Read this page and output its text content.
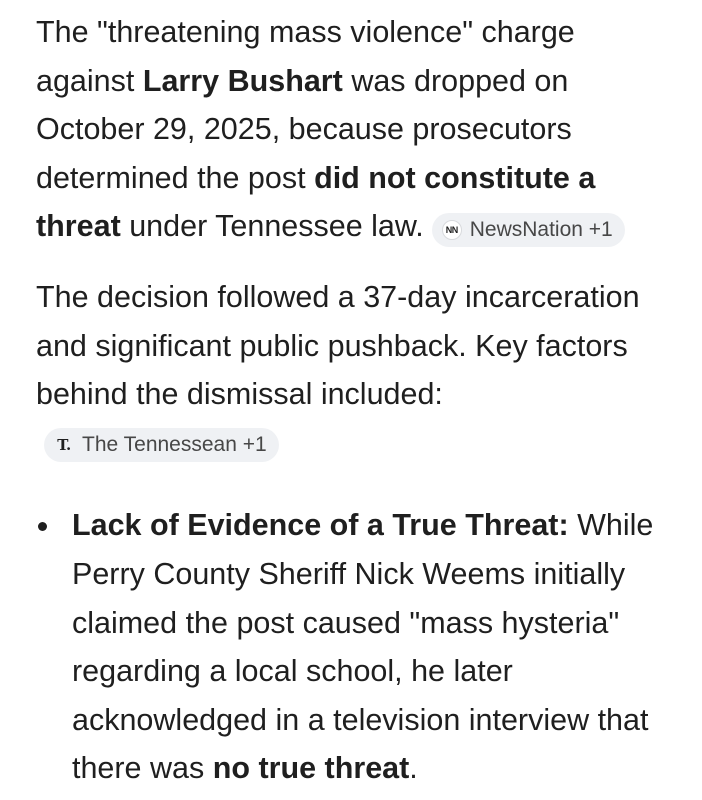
The "threatening mass violence" charge against Larry Bushart was dropped on October 29, 2025, because prosecutors determined the post did not constitute a threat under Tennessee law.	NN NewsNation +1

The decision followed a 37-day incarceration and significant public pushback. Key factors behind the dismissal included:
T. The Tennessean +1

Lack of Evidence of a True Threat: While Perry County Sheriff Nick Weems initially claimed the post caused "mass hysteria" regarding a local school, he later acknowledged in a television interview that there was no true threat.
